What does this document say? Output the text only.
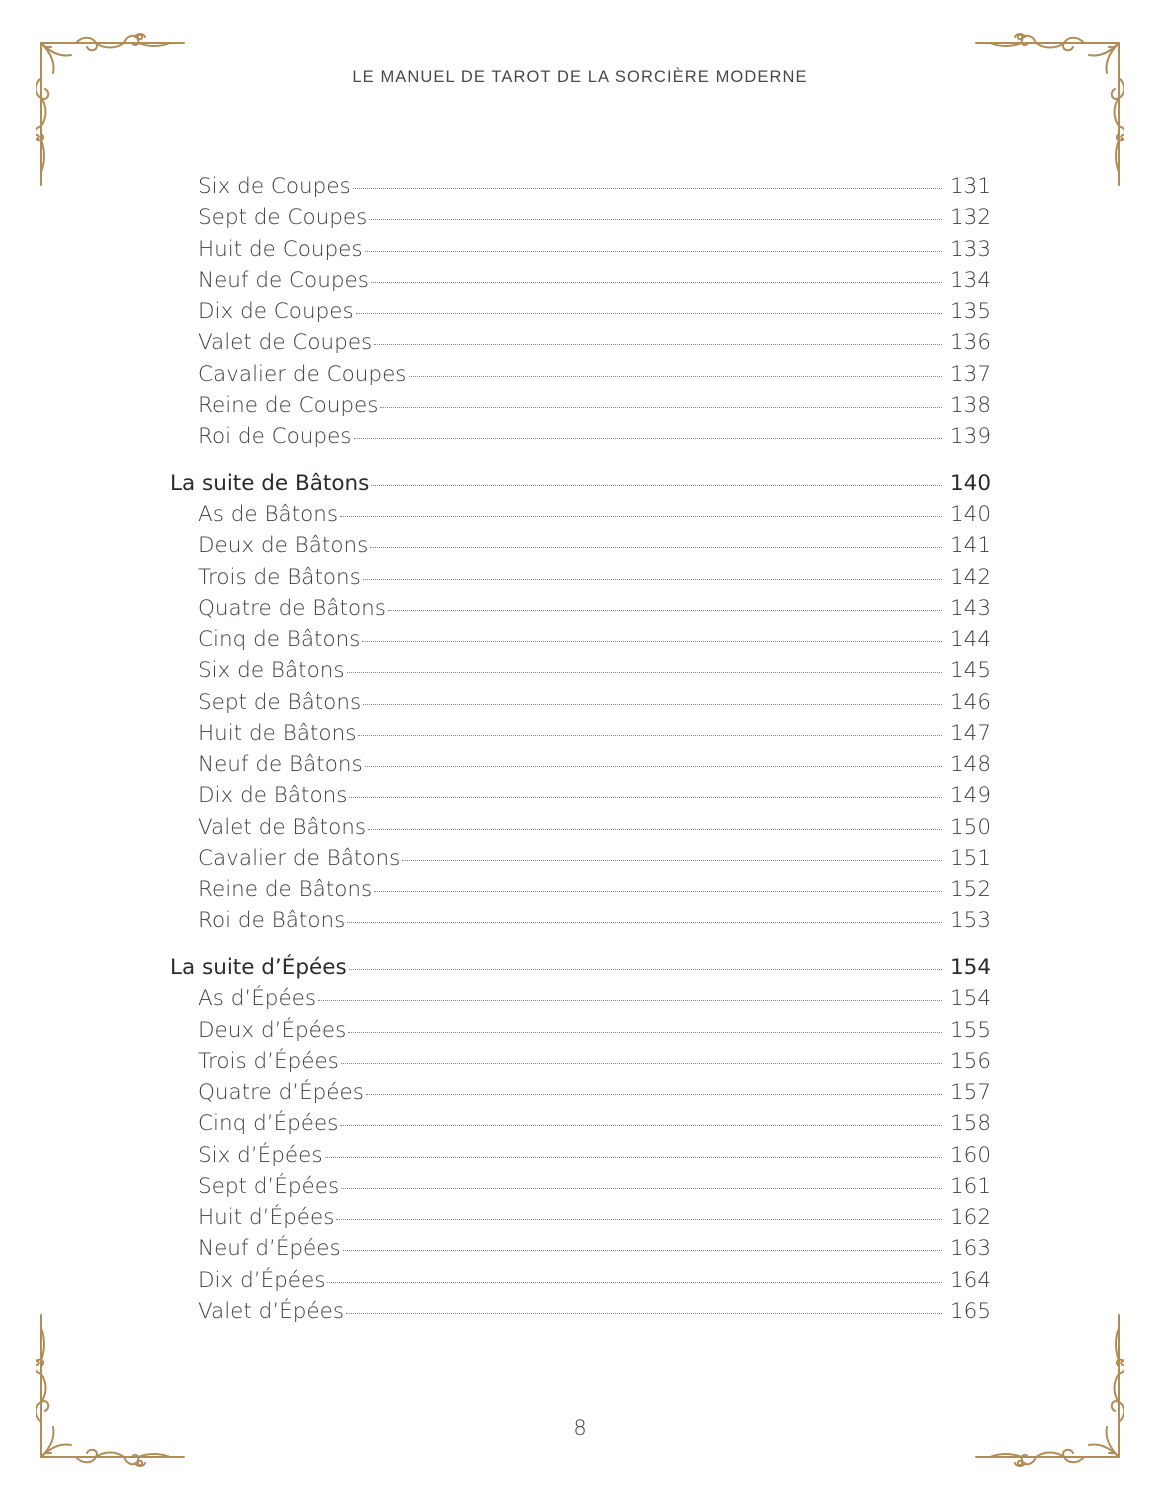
LE MANUEL DE TAROT DE LA SORCIÈRE MODERNE
Six de Coupes	131
Sept de Coupes	132
Huit de Coupes	133
Neuf de Coupes	134
Dix de Coupes	135
Valet de Coupes	136
Cavalier de Coupes	137
Reine de Coupes	138
Roi de Coupes	139
La suite de Bâtons	140
As de Bâtons	140
Deux de Bâtons	141
Trois de Bâtons	142
Quatre de Bâtons	143
Cinq de Bâtons	144
Six de Bâtons	145
Sept de Bâtons	146
Huit de Bâtons	147
Neuf de Bâtons	148
Dix de Bâtons	149
Valet de Bâtons	150
Cavalier de Bâtons	151
Reine de Bâtons	152
Roi de Bâtons	153
La suite d’Épées	154
As d’Épées	154
Deux d’Épées	155
Trois d’Épées	156
Quatre d’Épées	157
Cinq d’Épées	158
Six d’Épées	160
Sept d’Épées	161
Huit d’Épées	162
Neuf d’Épées	163
Dix d’Épées	164
Valet d’Épées	165
8
